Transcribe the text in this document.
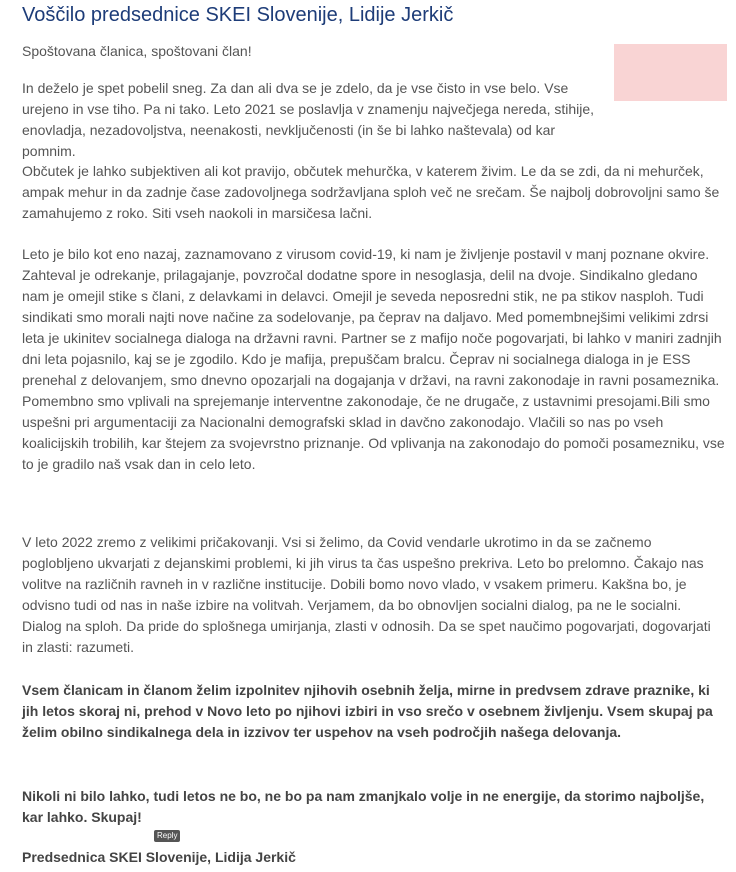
Voščilo predsednice SKEI Slovenije, Lidije Jerkič
Spoštovana članica, spoštovani član!

In deželo je spet pobelil sneg. Za dan ali dva se je zdelo, da je vse čisto in vse belo. Vse urejeno in vse tiho. Pa ni tako. Leto 2021 se poslavlja v znamenju največjega nereda, stihije, enovladja, nezadovoljstva, neenakosti, nevključenosti (in še bi lahko naštevala) od kar pomnim.

Občutek je lahko subjektiven ali kot pravijo, občutek mehurčka, v katerem živim. Le da se zdi, da ni mehurček, ampak mehur in da zadnje čase zadovoljnega sodržavljana sploh več ne srečam. Še najbolj dobrovoljni samo še zamahujemo z roko. Siti vseh naokoli in marsičesa lačni.

Leto je bilo kot eno nazaj, zaznamovano z virusom covid-19, ki nam je življenje postavil v manj poznane okvire. Zahteval je odrekanje, prilagajanje, povzročal dodatne spore in nesoglasja, delil na dvoje. Sindikalno gledano nam je omejil stike s člani, z delavkami in delavci. Omejil je seveda neposredni stik, ne pa stikov nasploh. Tudi sindikati smo morali najti nove načine za sodelovanje, pa čeprav na daljavo. Med pomembnejšimi velikimi zdrsi leta je ukinitev socialnega dialoga na državni ravni. Partner se z mafijo noče pogovarjati, bi lahko v maniri zadnjih dni leta pojasnilo, kaj se je zgodilo. Kdo je mafija, prepuščam bralcu. Čeprav ni socialnega dialoga in je ESS prenehal z delovanjem, smo dnevno opozarjali na dogajanja v državi, na ravni zakonodaje in ravni posameznika. Pomembno smo vplivali na sprejemanje interventne zakonodaje, če ne drugače, z ustavnimi presojami.Bili smo uspešni pri argumentaciji za Nacionalni demografski sklad in davčno zakonodajo. Vlačili so nas po vseh koalicijskih trobilih, kar štejem za svojevrstno priznanje. Od vplivanja na zakonodajo do pomoči posamezniku, vse to je gradilo naš vsak dan in celo leto.

V leto 2022 zremo z velikimi pričakovanji. Vsi si želimo, da Covid vendarle ukrotimo in da se začnemo poglobljeno ukvarjati z dejanskimi problemi, ki jih virus ta čas uspešno prekriva. Leto bo prelomno. Čakajo nas volitve na različnih ravneh in v različne institucije. Dobili bomo novo vlado, v vsakem primeru. Kakšna bo, je odvisno tudi od nas in naše izbire na volitvah. Verjamem, da bo obnovljen socialni dialog, pa ne le socialni. Dialog na sploh. Da pride do splošnega umirjanja, zlasti v odnosih. Da se spet naučimo pogovarjati, dogovarjati in zlasti: razumeti.

Vsem članicam in članom želim izpolnitev njihovih osebnih želja, mirne in predvsem zdrave praznike, ki jih letos skoraj ni, prehod v Novo leto po njihovi izbiri in vso srečo v osebnem življenju. Vsem skupaj pa želim obilno sindikalnega dela in izzivov ter uspehov na vseh področjih našega delovanja.

Nikoli ni bilo lahko, tudi letos ne bo, ne bo pa nam zmanjkalo volje in ne energije, da storimo najboljše, kar lahko. Skupaj!

Reply
Predsednica SKEI Slovenije, Lidija Jerkič
